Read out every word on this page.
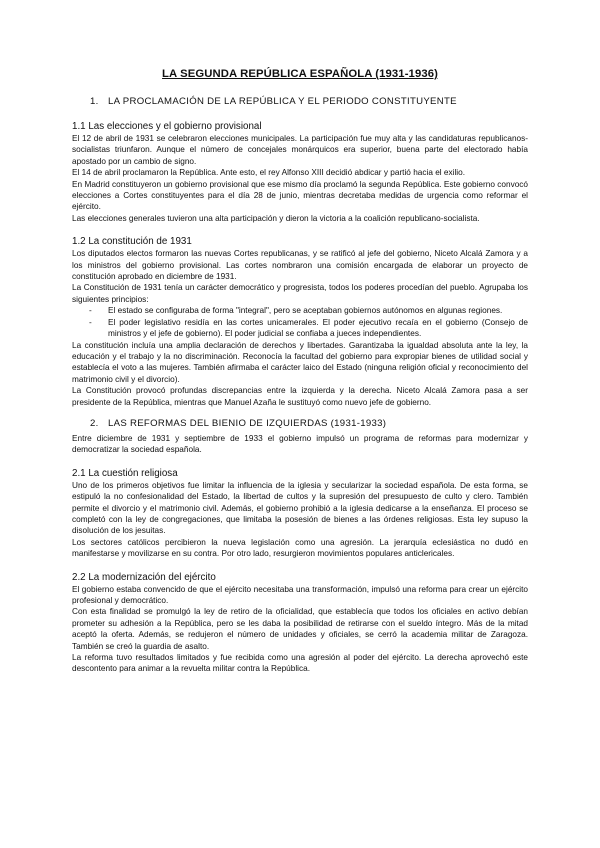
LA SEGUNDA REPÚBLICA ESPAÑOLA (1931-1936)
1. LA PROCLAMACIÓN DE LA REPÚBLICA Y EL PERIODO CONSTITUYENTE
1.1 Las elecciones y el gobierno provisional

El 12 de abril de 1931 se celebraron elecciones municipales. La participación fue muy alta y las candidaturas republicanos-socialistas triunfaron. Aunque el número de concejales monárquicos era superior, buena parte del electorado había apostado por un cambio de signo.

El 14 de abril proclamaron la República. Ante esto, el rey Alfonso XIII decidió abdicar y partió hacia el exilio.

En Madrid constituyeron un gobierno provisional que ese mismo día proclamó la segunda República. Este gobierno convocó elecciones a Cortes constituyentes para el día 28 de junio, mientras decretaba medidas de urgencia como reformar el ejército.

Las elecciones generales tuvieron una alta participación y dieron la victoria a la coalición republicano-socialista.

1.2 La constitución de 1931

Los diputados electos formaron las nuevas Cortes republicanas, y se ratificó al jefe del gobierno, Niceto Alcalá Zamora y a los ministros del gobierno provisional. Las cortes nombraron una comisión encargada de elaborar un proyecto de constitución aprobado en diciembre de 1931.

La Constitución de 1931 tenía un carácter democrático y progresista, todos los poderes procedían del pueblo. Agrupaba los siguientes principios:

- El estado se configuraba de forma "integral", pero se aceptaban gobiernos autónomos en algunas regiones.
- El poder legislativo residía en las cortes unicamerales. El poder ejecutivo recaía en el gobierno (Consejo de ministros y el jefe de gobierno). El poder judicial se confiaba a jueces independientes.

La constitución incluía una amplia declaración de derechos y libertades. Garantizaba la igualdad absoluta ante la ley, la educación y el trabajo y la no discriminación. Reconocía la facultad del gobierno para expropiar bienes de utilidad social y establecía el voto a las mujeres. También afirmaba el carácter laico del Estado (ninguna religión oficial y reconocimiento del matrimonio civil y el divorcio).

La Constitución provocó profundas discrepancias entre la izquierda y la derecha. Niceto Alcalá Zamora pasa a ser presidente de la República, mientras que Manuel Azaña le sustituyó como nuevo jefe de gobierno.

2. LAS REFORMAS DEL BIENIO DE IZQUIERDAS (1931-1933)

Entre diciembre de 1931 y septiembre de 1933 el gobierno impulsó un programa de reformas para modernizar y democratizar la sociedad española.

2.1 La cuestión religiosa

Uno de los primeros objetivos fue limitar la influencia de la iglesia y secularizar la sociedad española. De esta forma, se estipuló la no confesionalidad del Estado, la libertad de cultos y la supresión del presupuesto de culto y clero. También permite el divorcio y el matrimonio civil. Además, el gobierno prohibió a la iglesia dedicarse a la enseñanza. El proceso se completó con la ley de congregaciones, que limitaba la posesión de bienes a las órdenes religiosas. Esta ley supuso la disolución de los jesuitas.

Los sectores católicos percibieron la nueva legislación como una agresión. La jerarquía eclesiástica no dudó en manifestarse y movilizarse en su contra. Por otro lado, resurgieron movimientos populares anticlericales.

2.2 La modernización del ejército

El gobierno estaba convencido de que el ejército necesitaba una transformación, impulsó una reforma para crear un ejército profesional y democrático.

Con esta finalidad se promulgó la ley de retiro de la oficialidad, que establecía que todos los oficiales en activo debían prometer su adhesión a la República, pero se les daba la posibilidad de retirarse con el sueldo íntegro. Más de la mitad aceptó la oferta. Además, se redujeron el número de unidades y oficiales, se cerró la academia militar de Zaragoza. También se creó la guardia de asalto.

La reforma tuvo resultados limitados y fue recibida como una agresión al poder del ejército. La derecha aprovechó este descontento para animar a la revuelta militar contra la República.
